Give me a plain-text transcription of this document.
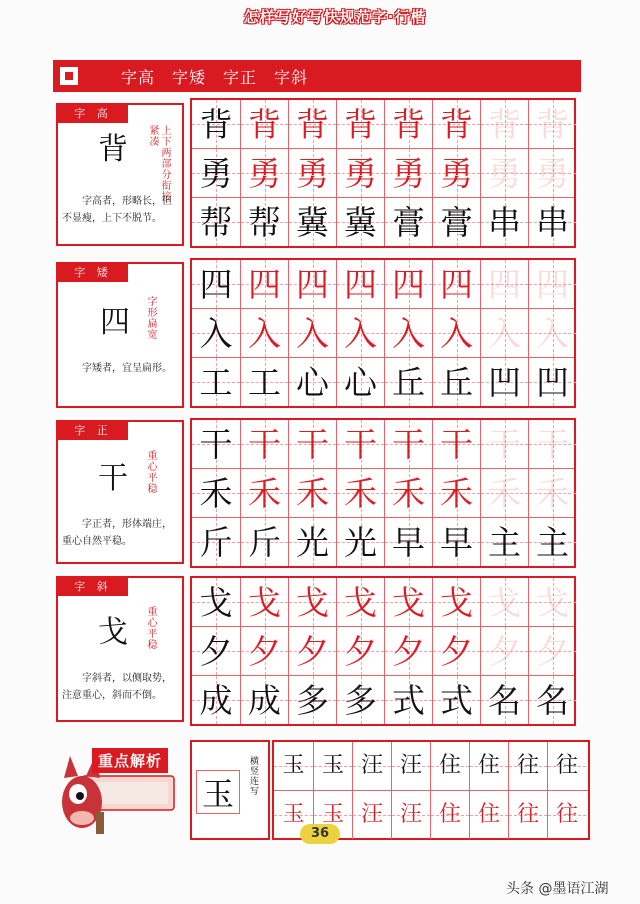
怎样写好写快规范字·行楷
字高　字矮　字正　字斜
字 高
背	上下两部分衔接紧凑
字高者，形略长，但不显瘦，上下不脱节。
背 背 背 背 背 背 背 背
勇 勇 勇 勇 勇 勇 勇 勇
帮 帮 冀 冀 膏 膏 串 串
字 矮
四 字形扁宽
字矮者，宜呈扁形。
四 四 四 四 四 四 四 四
入 入 入 入 入 入 入 入
工 工 心 心 丘 丘 凹 凹
字 正
干 重心平稳
字正者，形体端庄，重心自然平稳。
干 干 干 干 干 干 干 干
禾 禾 禾 禾 禾 禾 禾 禾
斤 斤 光 光 早 早 主 主
字 斜
戈 重心平稳
字斜者，以侧取势，注意重心，斜而不倒。
戈 戈 戈 戈 戈 戈 戈 戈
夕 夕 夕 夕 夕 夕 夕 夕
成 成 多 多 式 式 名 名
重点解析
玉	横竖连写 玉 玉 汪 汪 住 住 往 往
玉 玉 汪 汪 住 住 往 往
36
头条 @墨语江湖
